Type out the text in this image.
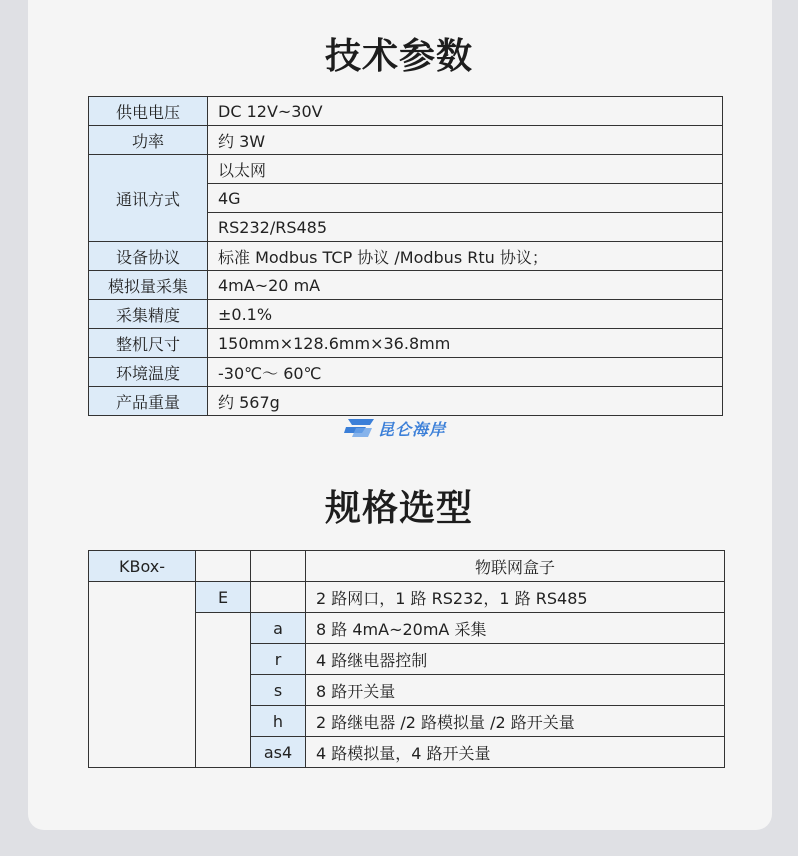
技术参数
供电电压	DC 12V~30V
功率	约 3W
通讯方式	以太网
	4G
	RS232/RS485
设备协议	标准 Modbus TCP 协议 /Modbus Rtu 协议；
模拟量采集	4mA~20 mA
采集精度	±0.1%
整机尺寸	150mm×128.6mm×36.8mm
环境温度	-30℃～ 60℃
产品重量	约 567g
昆仑海岸
规格选型
KBox-			物联网盒子
	E		2 路网口，1 路 RS232，1 路 RS485
		a	8 路 4mA~20mA 采集
		r	4 路继电器控制
		s	8 路开关量
		h	2 路继电器 /2 路模拟量 /2 路开关量
		as4	4 路模拟量，4 路开关量
